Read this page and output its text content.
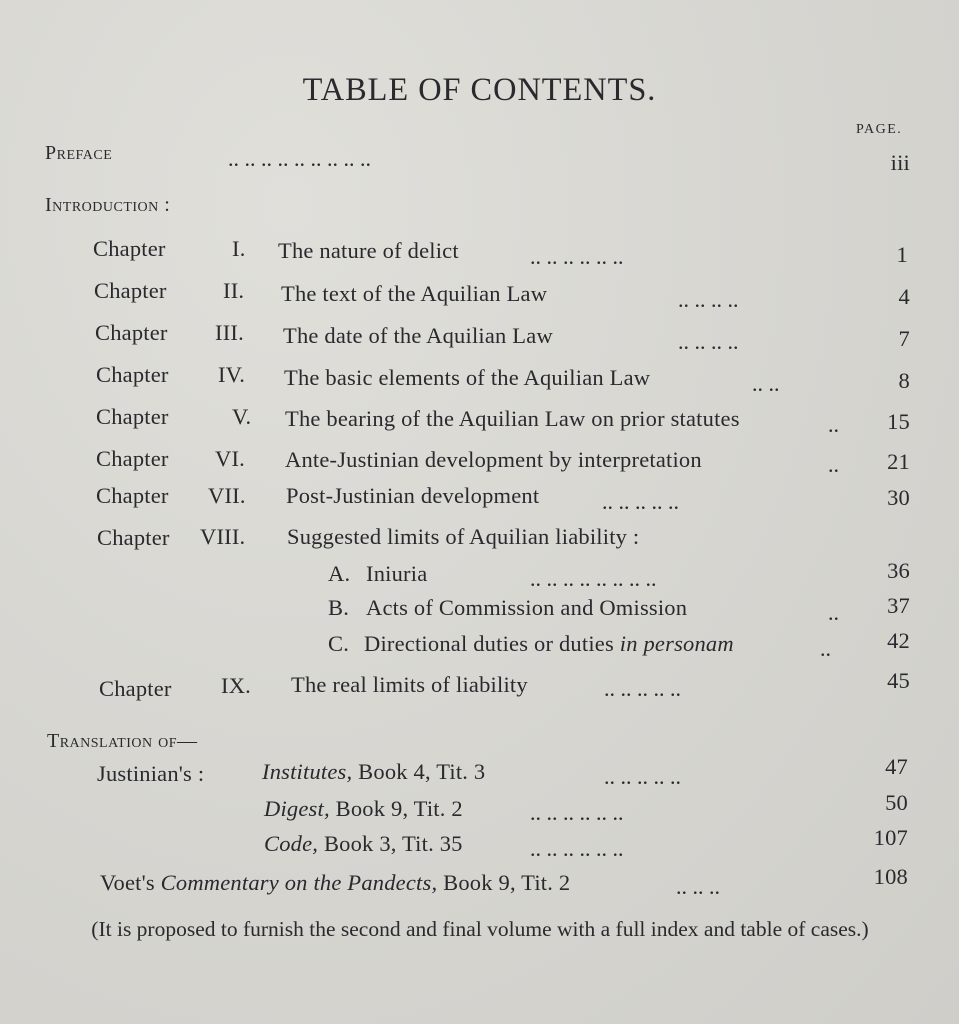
TABLE OF CONTENTS.
PAGE.
Preface	.. .. .. .. .. .. .. .. ..	iii
Introduction :
Chapter	I. The nature of delict	.. .. .. .. .. ..	1
Chapter	II. The text of the Aquilian Law	.. .. .. ..	4
Chapter III. The date of the Aquilian Law	.. .. .. ..	7
Chapter IV. The basic elements of the Aquilian Law	.. ..	8
Chapter	V. The bearing of the Aquilian Law on prior statutes	..	15
Chapter VI. Ante-Justinian development by interpretation	..	21
Chapter VII. Post-Justinian development	.. .. .. .. ..	30
Chapter VIII. Suggested limits of Aquilian liability :
A. Iniuria	.. .. .. .. .. .. .. ..	36
B. Acts of Commission and Omission	..	37
C. Directional duties or duties in personam	..	42
Chapter IX. The real limits of liability	.. .. .. .. ..	45
Translation of—
Justinian's :	Institutes, Book 4, Tit. 3	.. .. .. .. ..	47
Digest, Book 9, Tit. 2	.. .. .. .. .. ..	50
Code, Book 3, Tit. 35	.. .. .. .. .. ..	107
Voet's Commentary on the Pandects, Book 9, Tit. 2	.. .. ..	108
(It is proposed to furnish the second and final volume with a full index and table of cases.)
